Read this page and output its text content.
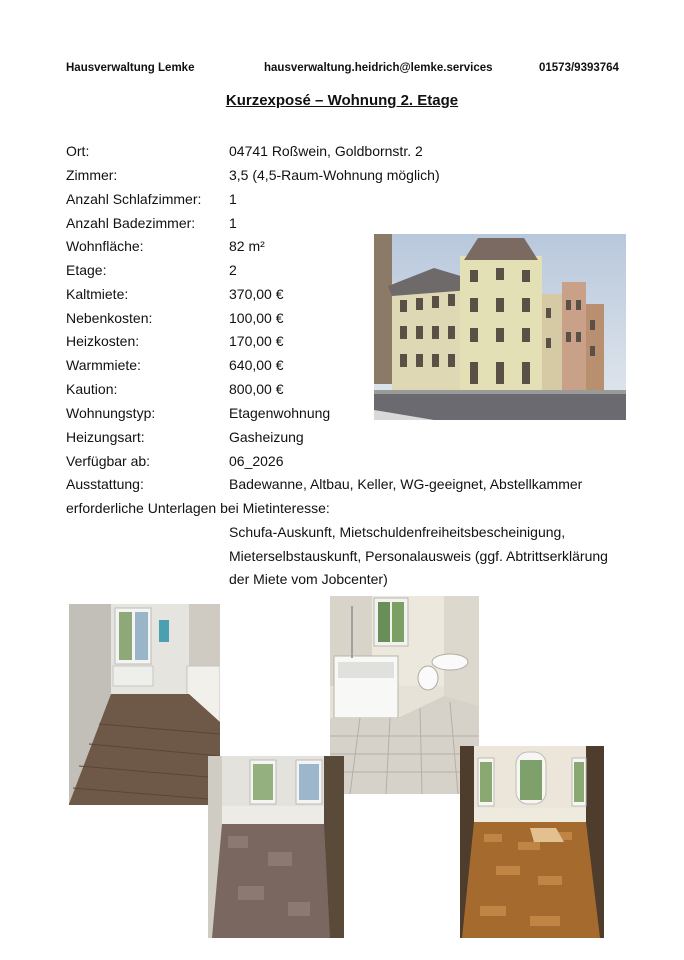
Hausverwaltung Lemke	hausverwaltung.heidrich@lemke.services	01573/9393764
Kurzexposé – Wohnung 2. Etage
Ort:	04741 Roßwein, Goldbornstr. 2
Zimmer:	3,5 (4,5-Raum-Wohnung möglich)
Anzahl Schlafzimmer: 1
Anzahl Badezimmer: 1
Wohnfläche:	82 m²
Etage:	2
Kaltmiete:	370,00 €
Nebenkosten:	100,00 €
Heizkosten:	170,00 €
Warmmiete:	640,00 €
Kaution:	800,00 €
Wohnungstyp:	Etagenwohnung
Heizungsart:	Gasheizung
Verfügbar ab:	06_2026
Ausstattung:	Badewanne, Altbau, Keller, WG-geeignet, Abstellkammer
erforderliche Unterlagen bei Mietinteresse:
Schufa-Auskunft, Mietschuldenfreiheitsbescheinigung,
Mieterselbstauskunft, Personalausweis (ggf. Abtrittserklärung
der Miete vom Jobcenter)
